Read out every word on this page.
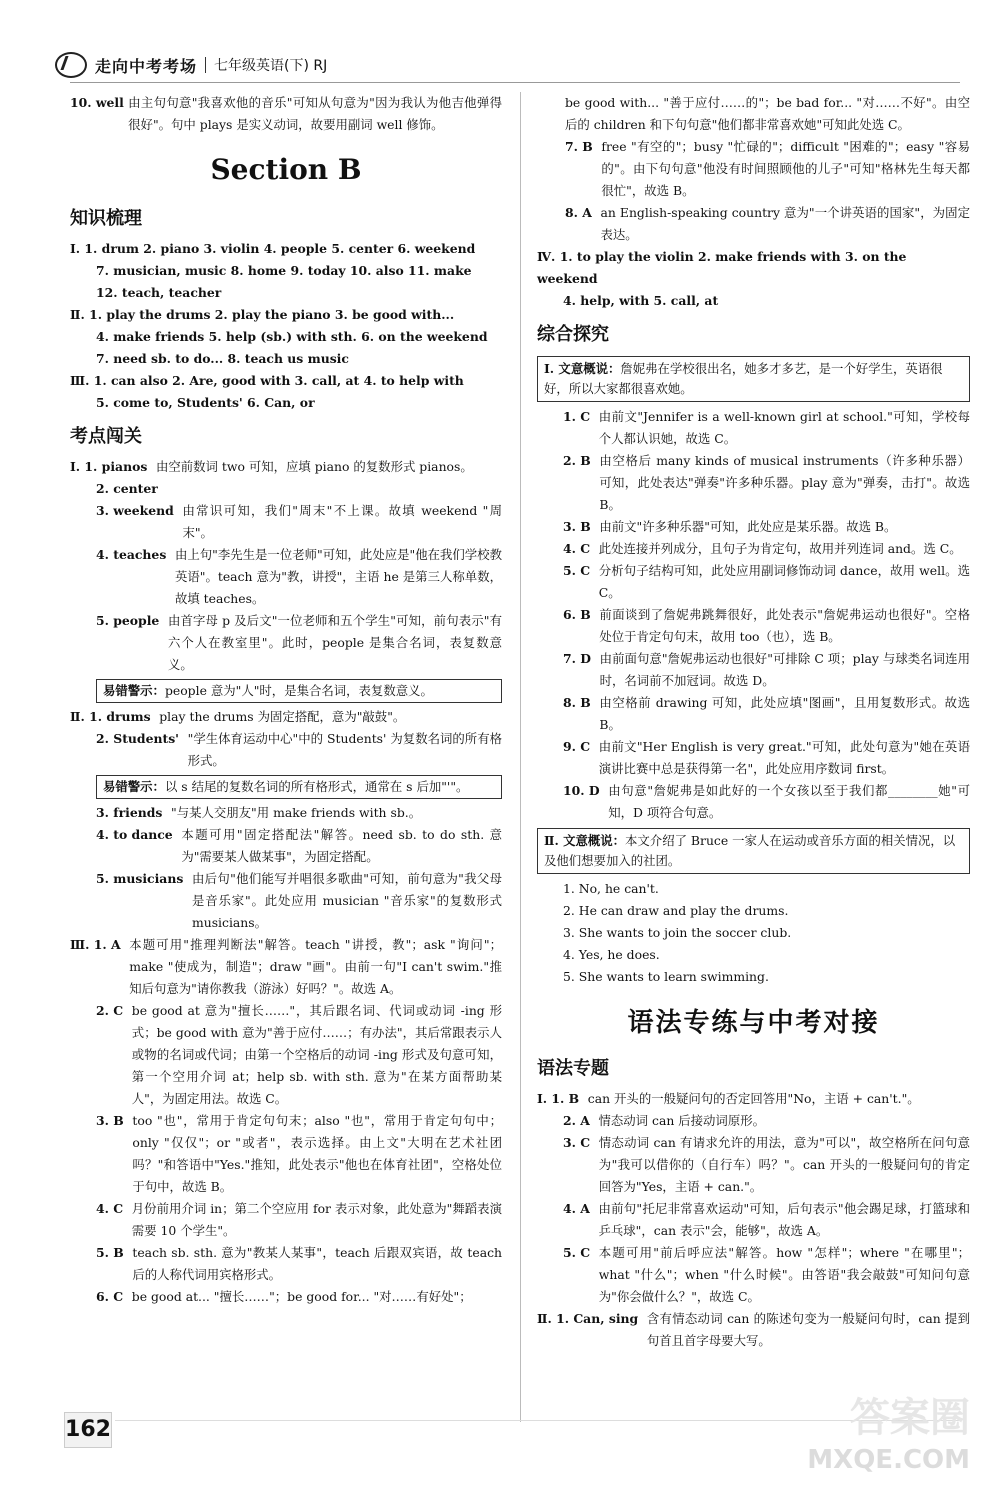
走向中考考场 七年级英语(下) RJ
10. well
由主句句意"我喜欢他的音乐"可知从句意为"因为我认为他吉他弹得很好"。句中 plays 是实义动词，故要用副词 well 修饰。
Section B
知识梳理
Ⅰ. 1. drum 2. piano 3. violin 4. people 5. center 6. weekend
7. musician, music 8. home 9. today 10. also 11. make
12. teach, teacher
Ⅱ. 1. play the drums 2. play the piano 3. be good with...
4. make friends 5. help (sb.) with sth. 6. on the weekend
7. need sb. to do... 8. teach us music
Ⅲ. 1. can also 2. Are, good with 3. call, at 4. to help with
5. come to, Students' 6. Can, or
考点闯关
Ⅰ. 1. pianos
由空前数词 two 可知，应填 piano 的复数形式 pianos。
2. center
3. weekend
由常识可知，我们"周末"不上课。故填 weekend "周末"。
4. teaches
由上句"李先生是一位老师"可知，此处应是"他在我们学校教英语"。teach 意为"教，讲授"，主语 he 是第三人称单数，故填 teaches。
5. people
由首字母 p 及后文"一位老师和五个学生"可知，前句表示"有六个人在教室里"。此时，people 是集合名词，表复数意义。
易错警示：people 意为"人"时，是集合名词，表复数意义。
Ⅱ. 1. drums
play the drums 为固定搭配，意为"敲鼓"。
2. Students'
"学生体育运动中心"中的 Students' 为复数名词的所有格形式。
易错警示：以 s 结尾的复数名词的所有格形式，通常在 s 后加"'"。
3. friends
"与某人交朋友"用 make friends with sb.。
4. to dance
本题可用"固定搭配法"解答。need sb. to do sth. 意为"需要某人做某事"，为固定搭配。
5. musicians
由后句"他们能写并唱很多歌曲"可知，前句意为"我父母是音乐家"。此处应用 musician "音乐家"的复数形式 musicians。
Ⅲ. 1. A
本题可用"推理判断法"解答。teach "讲授，教"；ask "询问"；make "使成为，制造"；draw "画"。由前一句"I can't swim."推知后句意为"请你教我（游泳）好吗？"。故选 A。
2. C
be good at 意为"擅长……"，其后跟名词、代词或动词 -ing 形式；be good with 意为"善于应付……；有办法"，其后常跟表示人或物的名词或代词；由第一个空格后的动词 -ing 形式及句意可知，第一个空用介词 at；help sb. with sth. 意为"在某方面帮助某人"，为固定用法。故选 C。
3. B
too "也"，常用于肯定句句末；also "也"，常用于肯定句句中；only "仅仅"；or "或者"，表示选择。由上文"大明在艺术社团吗？"和答语中"Yes."推知，此处表示"他也在体育社团"，空格处位于句中，故选 B。
4. C
月份前用介词 in；第二个空应用 for 表示对象，此处意为"舞蹈表演需要 10 个学生"。
5. B
teach sb. sth. 意为"教某人某事"，teach 后跟双宾语，故 teach 后的人称代词用宾格形式。
6. C
be good at... "擅长……"；be good for... "对……有好处"；

be good with... "善于应付……的"；be bad for... "对……不好"。由空后的 children 和下句句意"他们都非常喜欢她"可知此处选 C。
7. B
free "有空的"；busy "忙碌的"；difficult "困难的"；easy "容易的"。由下句句意"他没有时间照顾他的儿子"可知"格林先生每天都很忙"，故选 B。
8. A
an English-speaking country 意为"一个讲英语的国家"，为固定表达。
Ⅳ. 1. to play the violin 2. make friends with 3. on the weekend
4. help, with 5. call, at
综合探究
Ⅰ. 文意概说：詹妮弗在学校很出名，她多才多艺，是一个好学生，英语很好，所以大家都很喜欢她。
1. C
由前文"Jennifer is a well-known girl at school."可知，学校每个人都认识她，故选 C。
2. B
由空格后 many kinds of musical instruments（许多种乐器）可知，此处表达"弹奏"许多种乐器。play 意为"弹奏，击打"。故选 B。
3. B
由前文"许多种乐器"可知，此处应是某乐器。故选 B。
4. C
此处连接并列成分，且句子为肯定句，故用并列连词 and。选 C。
5. C
分析句子结构可知，此处应用副词修饰动词 dance，故用 well。选 C。
6. B
前面谈到了詹妮弗跳舞很好，此处表示"詹妮弗运动也很好"。空格处位于肯定句句末，故用 too（也），选 B。
7. D
由前面句意"詹妮弗运动也很好"可排除 C 项；play 与球类名词连用时，名词前不加冠词。故选 D。
8. B
由空格前 drawing 可知，此处应填"图画"，且用复数形式。故选 B。
9. C
由前文"Her English is very great."可知，此处句意为"她在英语演讲比赛中总是获得第一名"，此处应用序数词 first。
10. D
由句意"詹妮弗是如此好的一个女孩以至于我们都________她"可知，D 项符合句意。
Ⅱ. 文意概说：本文介绍了 Bruce 一家人在运动或音乐方面的相关情况，以及他们想要加入的社团。
1. No, he can't.
2. He can draw and play the drums.
3. She wants to join the soccer club.
4. Yes, he does.
5. She wants to learn swimming.
语法专练与中考对接
语法专题
Ⅰ. 1. B
can 开头的一般疑问句的否定回答用"No，主语 + can't."。
2. A
情态动词 can 后接动词原形。
3. C
情态动词 can 有请求允许的用法，意为"可以"，故空格所在问句意为"我可以借你的（自行车）吗？"。can 开头的一般疑问句的肯定回答为"Yes，主语 + can."。
4. A
由前句"托尼非常喜欢运动"可知，后句表示"他会踢足球，打篮球和乒乓球"，can 表示"会，能够"，故选 A。
5. C
本题可用"前后呼应法"解答。how "怎样"；where "在哪里"；what "什么"；when "什么时候"。由答语"我会敲鼓"可知问句意为"你会做什么？"，故选 C。
Ⅱ. 1. Can, sing
含有情态动词 can 的陈述句变为一般疑问句时，can 提到句首且首字母要大写。
162	答案圈
MXQE.COM
